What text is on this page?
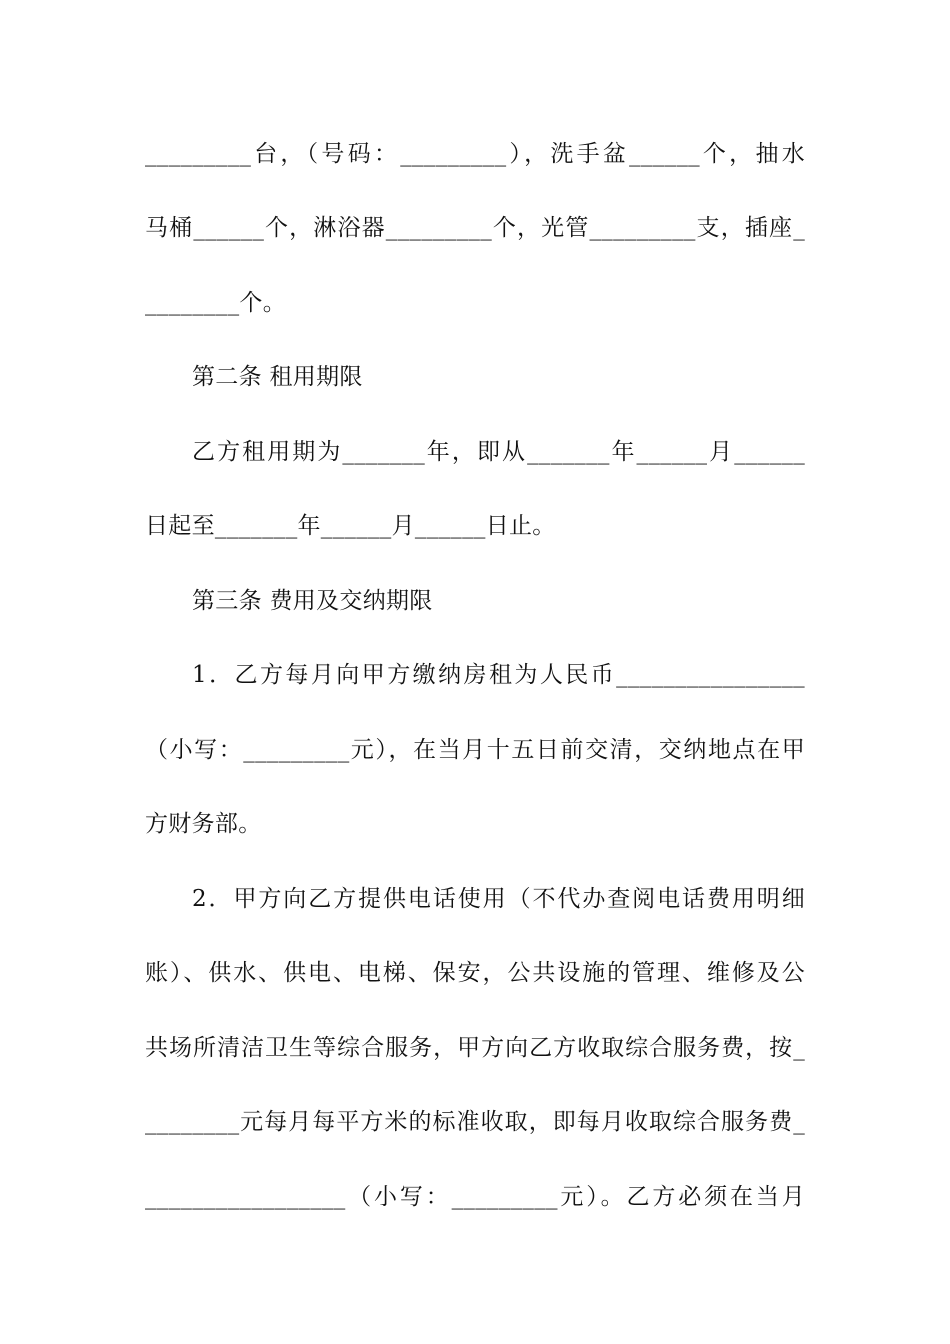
_________台，（号码：_________），洗手盆______个，抽水
马桶______个，淋浴器_________个，光管_________支，插座_
________个。
第二条 租用期限
乙方租用期为_______年，即从_______年______月______
日起至_______年______月______日止。
第三条 费用及交纳期限
1．乙方每月向甲方缴纳房租为人民币________________
（小写：_________元），在当月十五日前交清，交纳地点在甲
方财务部。
2．甲方向乙方提供电话使用（不代办查阅电话费用明细
账）、供水、供电、电梯、保安，公共设施的管理、维修及公
共场所清洁卫生等综合服务，甲方向乙方收取综合服务费，按_
________元每月每平方米的标准收取，即每月收取综合服务费_
_________________（小写：_________元）。乙方必须在当月
